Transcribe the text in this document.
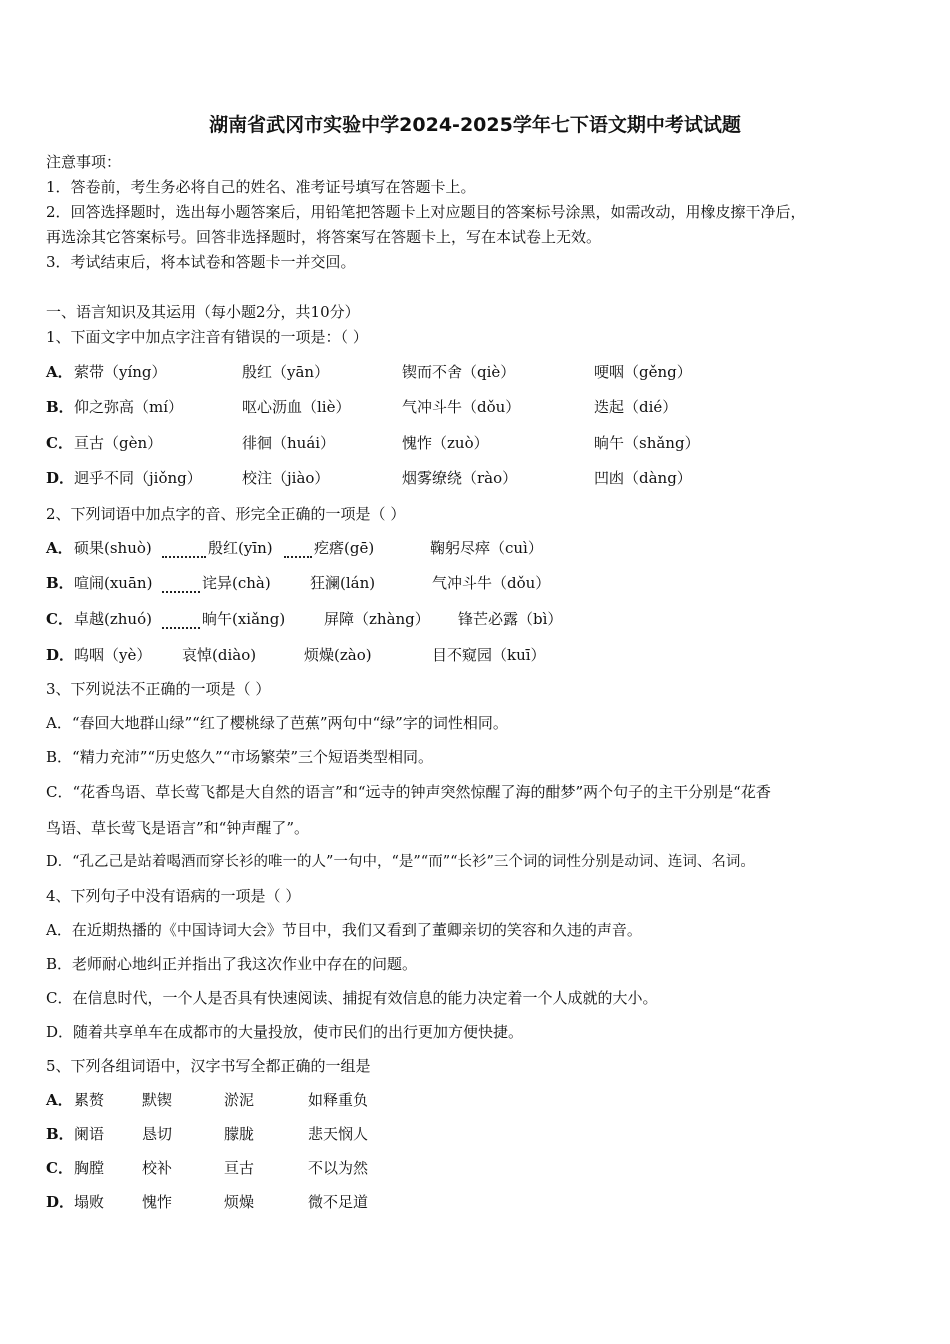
湖南省武冈市实验中学2024-2025学年七下语文期中考试试题
注意事项：
1．答卷前，考生务必将自己的姓名、准考证号填写在答题卡上。
2．回答选择题时，选出每小题答案后，用铅笔把答题卡上对应题目的答案标号涂黑，如需改动，用橡皮擦干净后，
再选涂其它答案标号。回答非选择题时，将答案写在答题卡上，写在本试卷上无效。
3．考试结束后，将本试卷和答题卡一并交回。
一、语言知识及其运用（每小题2分，共10分）
1、下面文字中加点字注音有错误的一项是：（ ）
A． 萦带（yíng）	殷红（yān）	锲而不舍（qiè）	哽咽（gěng）
B． 仰之弥高（mí）	呕心沥血（liè）	气冲斗牛（dǒu）	迭起（dié）
C． 亘古（gèn）	徘徊（huái）	愧怍（zuò）	晌午（shǎng）
D． 迥乎不同（jiǒng）	校注（jiào）	烟雾缭绕（rào）	凹凼（dàng）
2、下列词语中加点字的音、形完全正确的一项是（ ）
A． 硕果(shuò)	殷红(yīn)	疙瘩(gē)	鞠躬尽瘁（cuì）
B． 喧闹(xuān)	诧异(chà)	狂澜(lán)	气冲斗牛（dǒu）
C． 卓越(zhuó)	晌午(xiǎng)	屏障（zhàng） 锋芒必露（bì）
D． 呜咽（yè） 哀悼(diào)	烦燥(zào)	目不窥园（kuī）
3、下列说法不正确的一项是（ ）
A．“春回大地群山绿”“红了樱桃绿了芭蕉”两句中“绿”字的词性相同。
B．“精力充沛”“历史悠久”“市场繁荣”三个短语类型相同。
C．“花香鸟语、草长莺飞都是大自然的语言”和“远寺的钟声突然惊醒了海的酣梦”两个句子的主干分别是“花香
鸟语、草长莺飞是语言”和“钟声醒了”。
D．“孔乙己是站着喝酒而穿长衫的唯一的人”一句中，“是”“而”“长衫”三个词的词性分别是动词、连词、名词。
4、下列句子中没有语病的一项是（ ）
A．在近期热播的《中国诗词大会》节目中，我们又看到了董卿亲切的笑容和久违的声音。
B．老师耐心地纠正并指出了我这次作业中存在的问题。
C．在信息时代，一个人是否具有快速阅读、捕捉有效信息的能力决定着一个人成就的大小。
D．随着共享单车在成都市的大量投放，使市民们的出行更加方便快捷。
5、下列各组词语中，汉字书写全都正确的一组是
A． 累赘	默锲	淤泥	如释重负
B． 阑语	恳切	朦胧	悲天悯人
C． 胸膛	校补	亘古	不以为然
D． 塌败	愧怍	烦燥	微不足道
